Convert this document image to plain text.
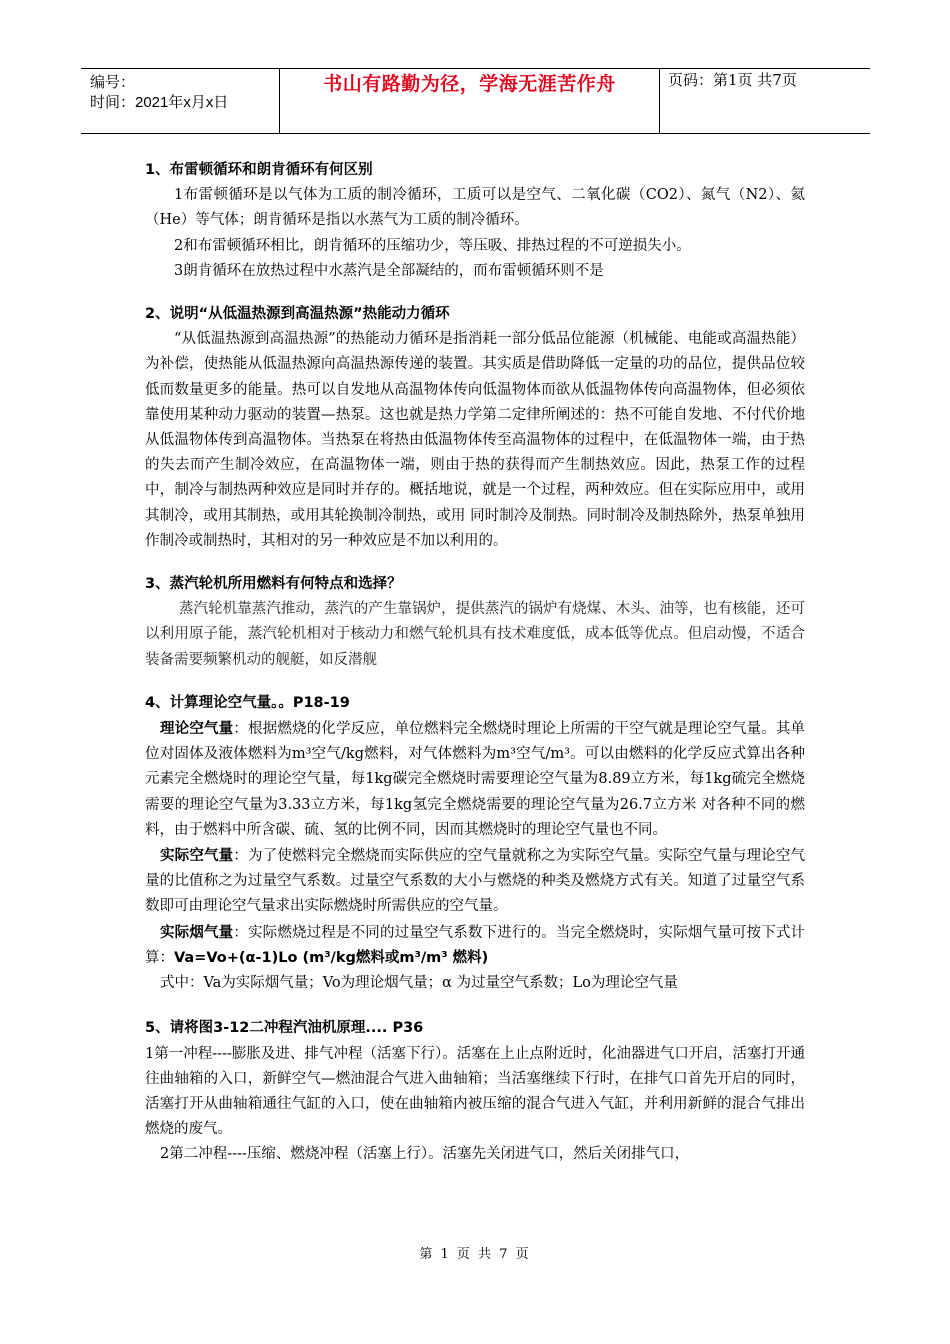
编号：
时间：2021年x月x日
书山有路勤为径，学海无涯苦作舟	页码：第1页 共7页

1、布雷顿循环和朗肯循环有何区别

1布雷顿循环是以气体为工质的制冷循环，工质可以是空气、二氧化碳（CO2）、氮气（N2）、氦（He）等气体；朗肯循环是指以水蒸气为工质的制冷循环。

2和布雷顿循环相比，朗肯循环的压缩功少，等压吸、排热过程的不可逆损失小。

3朗肯循环在放热过程中水蒸汽是全部凝结的，而布雷顿循环则不是

2、说明“从低温热源到高温热源”热能动力循环

“从低温热源到高温热源”的热能动力循环是指消耗一部分低品位能源（机械能、电能或高温热能）为补偿，使热能从低温热源向高温热源传递的装置。其实质是借助降低一定量的功的品位，提供品位较低而数量更多的能量。热可以自发地从高温物体传向低温物体而欲从低温物体传向高温物体，但必须依靠使用某种动力驱动的装置—热泵。这也就是热力学第二定律所阐述的：热不可能自发地、不付代价地从低温物体传到高温物体。当热泵在将热由低温物体传至高温物体的过程中，在低温物体一端，由于热的失去而产生制冷效应，在高温物体一端，则由于热的获得而产生制热效应。因此，热泵工作的过程中，制冷与制热两种效应是同时并存的。概括地说，就是一个过程，两种效应。但在实际应用中，或用其制冷，或用其制热，或用其轮换制冷制热，或用 同时制冷及制热。同时制冷及制热除外，热泵单独用作制冷或制热时，其相对的另一种效应是不加以利用的。

3、蒸汽轮机所用燃料有何特点和选择？

蒸汽轮机靠蒸汽推动，蒸汽的产生靠锅炉，提供蒸汽的锅炉有烧煤、木头、油等，也有核能，还可以利用原子能，蒸汽轮机相对于核动力和燃气轮机具有技术难度低，成本低等优点。但启动慢，不适合装备需要频繁机动的舰艇，如反潜舰

4、计算理论空气量。。P18-19

理论空气量：根据燃烧的化学反应，单位燃料完全燃烧时理论上所需的干空气就是理论空气量。其单位对固体及液体燃料为m³空气/kg燃料，对气体燃料为m³空气/m³。可以由燃料的化学反应式算出各种元素完全燃烧时的理论空气量，每1kg碳完全燃烧时需要理论空气量为8.89立方米，每1kg硫完全燃烧需要的理论空气量为3.33立方米，每1kg氢完全燃烧需要的理论空气量为26.7立方米 对各种不同的燃料，由于燃料中所含碳、硫、氢的比例不同，因而其燃烧时的理论空气量也不同。

实际空气量：为了使燃料完全燃烧而实际供应的空气量就称之为实际空气量。实际空气量与理论空气量的比值称之为过量空气系数。过量空气系数的大小与燃烧的种类及燃烧方式有关。知道了过量空气系数即可由理论空气量求出实际燃烧时所需供应的空气量。

实际烟气量：实际燃烧过程是不同的过量空气系数下进行的。当完全燃烧时，实际烟气量可按下式计算：Va=Vo+(α-1)Lo (m³/kg燃料或m³/m³ 燃料)

式中：Va为实际烟气量；Vo为理论烟气量；α 为过量空气系数；Lo为理论空气量

5、请将图3-12二冲程汽油机原理.... P36

1第一冲程----膨胀及进、排气冲程（活塞下行）。活塞在上止点附近时，化油器进气口开启，活塞打开通往曲轴箱的入口，新鲜空气—燃油混合气进入曲轴箱；当活塞继续下行时，在排气口首先开启的同时，活塞打开从曲轴箱通往气缸的入口，使在曲轴箱内被压缩的混合气进入气缸，并利用新鲜的混合气排出燃烧的废气。

2第二冲程----压缩、燃烧冲程（活塞上行）。活塞先关闭进气口，然后关闭排气口，

第 1 页 共 7 页
